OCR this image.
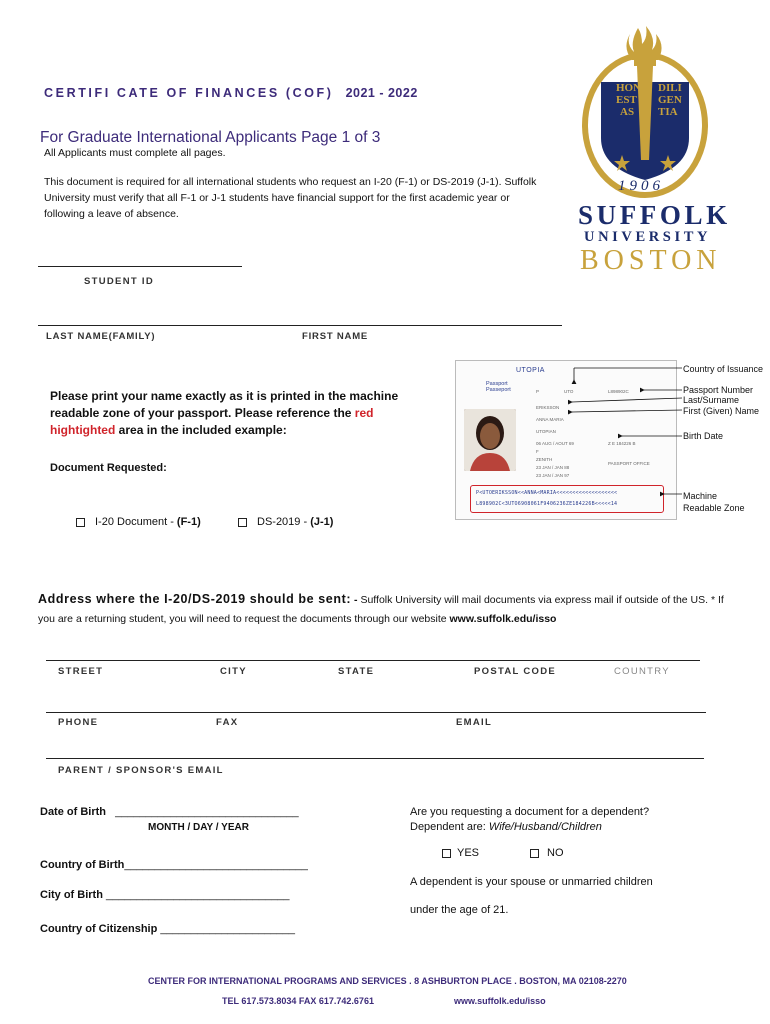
CERTIFI CATE OF FINANCES (COF) 2021 - 2022
For Graduate International Applicants Page 1 of 3
All Applicants must complete all pages.
This document is required for all international students who request an I-20 (F-1) or DS-2019 (J-1). Suffolk University must verify that all F-1 or J-1 students have financial support for the first academic year or following a leave of absence.
HON
EST
AS
DILI
GEN
TIA
1906
SUFFOLK
UNIVERSITY
BOSTON
STUDENT ID
LAST NAME(FAMILY)	FIRST NAME
Please print your name exactly as it is printed in the machine readable zone of your passport. Please reference the red hightighted area in the included example:
UTOPIA
Passport
Passeport	P	UTO	L898902C
ERIKSSON
ANNA MARIA
UTOPIAN
06 AUG / AOUT 69	Z E 184226 B
F
ZENITH
23 JAN / JAN 88
PASSPORT OFFICE
23 JAN / JAN 97
P<UTOERIKSSON<<ANNA<MARIA<<<<<<<<<<<<<<<<<<<
L898902C<3UTO6908061F9406236ZE184226B<<<<<14
Country of Issuance
Passport Number
Last/Surname
First (Given) Name
Birth Date
Machine Readable Zone
Document Requested:
I-20 Document - (F-1)	DS-2019 - (J-1)
Address where the I-20/DS-2019 should be sent: - Suffolk University will mail documents via express mail if outside of the US. * If you are a returning student, you will need to request the documents through our website www.suffolk.edu/isso
STREET	CITY	STATE	POSTAL CODE	COUNTRY
PHONE	FAX	EMAIL
PARENT / SPONSOR'S EMAIL
Date of Birth ______________________________
MONTH / DAY / YEAR
Country of Birth______________________________
City of Birth ______________________________
Country of Citizenship ______________________
Are you requesting a document for a dependent?
Dependent are: Wife/Husband/Children
YES	NO
A dependent is your spouse or unmarried children
under the age of 21.
CENTER FOR INTERNATIONAL PROGRAMS AND SERVICES . 8 ASHBURTON PLACE . BOSTON, MA 02108-2270
TEL 617.573.8034 FAX 617.742.6761	www.suffolk.edu/isso
